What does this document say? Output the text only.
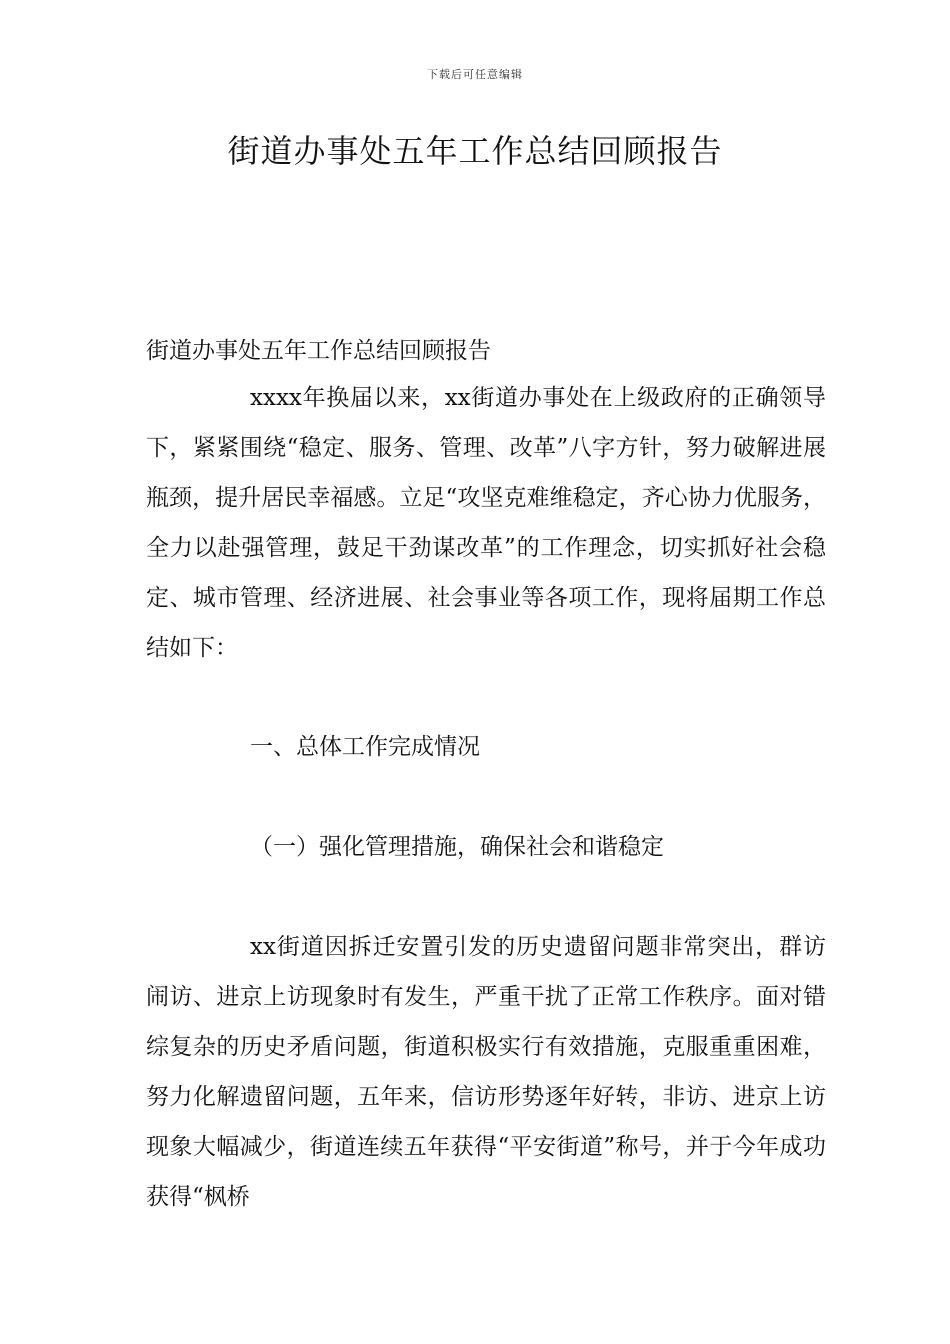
下载后可任意编辑
街道办事处五年工作总结回顾报告

街道办事处五年工作总结回顾报告

xxxx年换届以来，xx街道办事处在上级政府的正确领导下，紧紧围绕“稳定、服务、管理、改革”八字方针，努力破解进展瓶颈，提升居民幸福感。立足“攻坚克难维稳定，齐心协力优服务，全力以赴强管理，鼓足干劲谋改革”的工作理念，切实抓好社会稳定、城市管理、经济进展、社会事业等各项工作，现将届期工作总结如下：

一、总体工作完成情况

（一）强化管理措施，确保社会和谐稳定

xx街道因拆迁安置引发的历史遗留问题非常突出，群访闹访、进京上访现象时有发生，严重干扰了正常工作秩序。面对错综复杂的历史矛盾问题，街道积极实行有效措施，克服重重困难，努力化解遗留问题，五年来，信访形势逐年好转，非访、进京上访现象大幅减少，街道连续五年获得“平安街道”称号，并于今年成功获得“枫桥
